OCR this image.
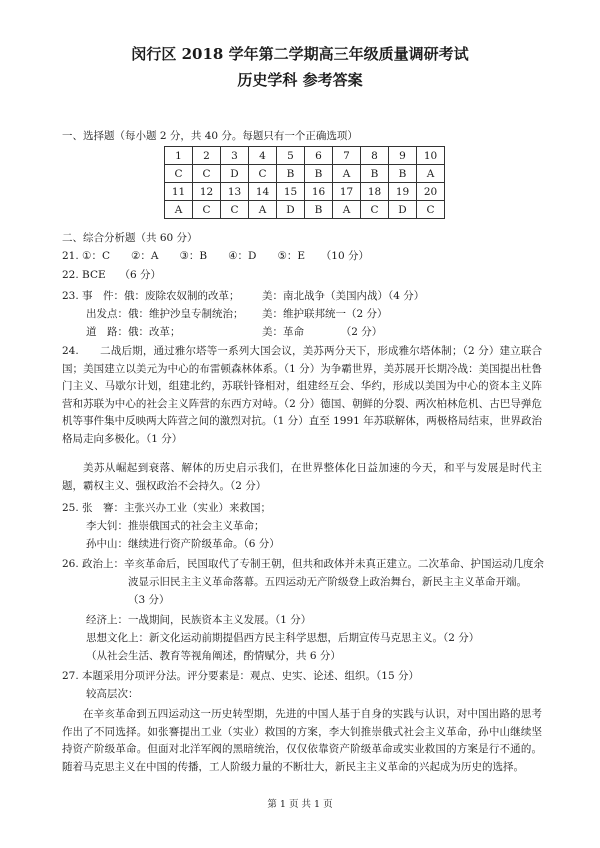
闵行区 2018 学年第二学期高三年级质量调研考试
历史学科 参考答案
一、选择题（每小题 2 分，共 40 分。每题只有一个正确选项）
1	2	3	4	5	6	7	8	9	10
C	C	D	C	B	B	A	B	B	A
11	12	13	14	15	16	17	18	19	20
A	C	C	A	D	B	A	C	D	C
二、综合分析题（共 60 分）
21. ①：C　　②：A　　③：B　　④：D　　⑤：E　　（10 分）
22. BCE　 （6 分）
23. 事　件：俄：废除农奴制的改革； 美：南北战争（美国内战）（4 分）
出发点：俄：维护沙皇专制统治； 美：维护联邦统一（2 分）
道　路：俄：改革；	美：革命　　　　（2 分）
24.　　二战后期，通过雅尔塔等一系列大国会议，美苏两分天下，形成雅尔塔体制；（2 分）建立联合国；美国建立以美元为中心的布雷顿森林体系。（1 分）为争霸世界，美苏展开长期冷战：美国提出杜鲁门主义、马歇尔计划，组建北约，苏联针锋相对，组建经互会、华约，形成以美国为中心的资本主义阵营和苏联为中心的社会主义阵营的东西方对峙。（2 分）德国、朝鲜的分裂、两次柏林危机、古巴导弹危机等事件集中反映两大阵营之间的激烈对抗。（1 分）直至 1991 年苏联解体，两极格局结束，世界政治格局走向多极化。（1 分）
美苏从崛起到衰落、解体的历史启示我们，在世界整体化日益加速的今天，和平与发展是时代主题，霸权主义、强权政治不会持久。（2 分）
25. 张　謇：主张兴办工业（实业）来救国；
李大钊：推崇俄国式的社会主义革命；
孙中山：继续进行资产阶级革命。（6 分）
26. 政治上：辛亥革命后，民国取代了专制王朝，但共和政体并未真正建立。二次革命、护国运动几度余
波显示旧民主主义革命落幕。五四运动无产阶级登上政治舞台，新民主主义革命开端。
（3 分）
经济上：一战期间，民族资本主义发展。（1 分）
思想文化上：新文化运动前期提倡西方民主科学思想，后期宣传马克思主义。（2 分）
（从社会生活、教育等视角阐述，酌情赋分，共 6 分）
27. 本题采用分项评分法。评分要素是：观点、史实、论述、组织。（15 分）
较高层次：
在辛亥革命到五四运动这一历史转型期，先进的中国人基于自身的实践与认识，对中国出路的思考作出了不同选择。如张謇提出工业（实业）救国的方案，李大钊推崇俄式社会主义革命，孙中山继续坚持资产阶级革命。但面对北洋军阀的黑暗统治，仅仅依靠资产阶级革命或实业救国的方案是行不通的。随着马克思主义在中国的传播，工人阶级力量的不断壮大，新民主主义革命的兴起成为历史的选择。
第 1 页 共 1 页
